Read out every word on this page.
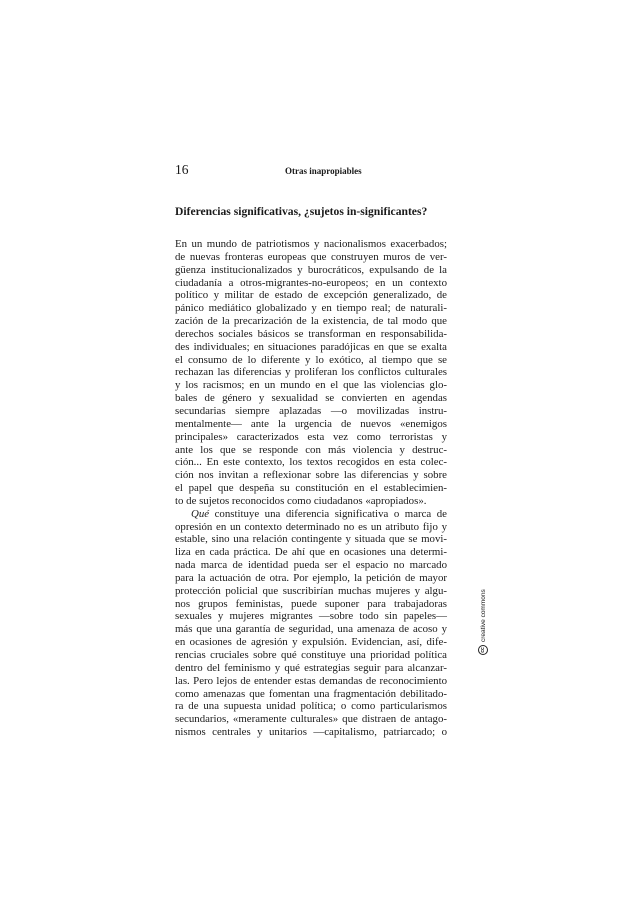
16	Otras inapropiables
Diferencias significativas, ¿sujetos in-significantes?
En un mundo de patriotismos y nacionalismos exacerbados;
de nuevas fronteras europeas que construyen muros de ver-
güenza institucionalizados y burocráticos, expulsando de la
ciudadanía a otros-migrantes-no-europeos; en un contexto
político y militar de estado de excepción generalizado, de
pánico mediático globalizado y en tiempo real; de naturali-
zación de la precarización de la existencia, de tal modo que
derechos sociales básicos se transforman en responsabilida-
des individuales; en situaciones paradójicas en que se exalta
el consumo de lo diferente y lo exótico, al tiempo que se
rechazan las diferencias y proliferan los conflictos culturales
y los racismos; en un mundo en el que las violencias glo-
bales de género y sexualidad se convierten en agendas
secundarias siempre aplazadas —o movilizadas instru-
mentalmente— ante la urgencia de nuevos «enemigos
principales» caracterizados esta vez como terroristas y
ante los que se responde con más violencia y destruc-
ción... En este contexto, los textos recogidos en esta colec-
ción nos invitan a reflexionar sobre las diferencias y sobre
el papel que despeña su constitución en el establecimien-
to de sujetos reconocidos como ciudadanos «apropiados».
Qué constituye una diferencia significativa o marca de
opresión en un contexto determinado no es un atributo fijo y
estable, sino una relación contingente y situada que se movi-
liza en cada práctica. De ahí que en ocasiones una determi-
nada marca de identidad pueda ser el espacio no marcado
para la actuación de otra. Por ejemplo, la petición de mayor
protección policial que suscribirían muchas mujeres y algu-
nos grupos feministas, puede suponer para trabajadoras
sexuales y mujeres migrantes —sobre todo sin papeles—
más que una garantía de seguridad, una amenaza de acoso y
en ocasiones de agresión y expulsión. Evidencian, así, dife-
rencias cruciales sobre qué constituye una prioridad política
dentro del feminismo y qué estrategias seguir para alcanzar-
las. Pero lejos de entender estas demandas de reconocimiento
como amenazas que fomentan una fragmentación debilitado-
ra de una supuesta unidad política; o como particularismos
secundarios, «meramente culturales» que distraen de antago-
nismos centrales y unitarios —capitalismo, patriarcado; o
cc
creative commons
